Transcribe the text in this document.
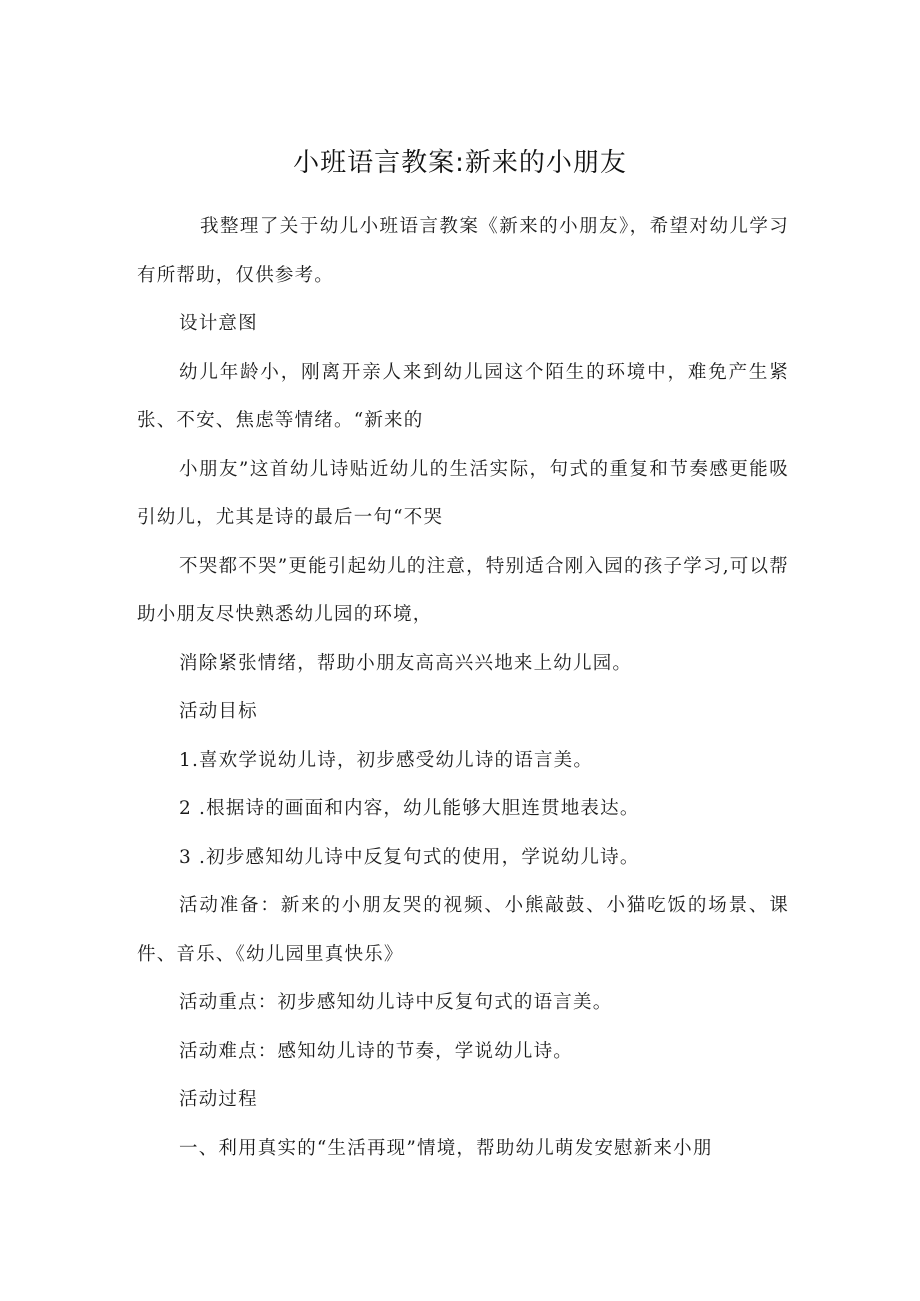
小班语言教案:新来的小朋友

我整理了关于幼儿小班语言教案《新来的小朋友》，希望对幼儿学习有所帮助，仅供参考。

设计意图

幼儿年龄小，刚离开亲人来到幼儿园这个陌生的环境中，难免产生紧张、不安、焦虑等情绪。“新来的

小朋友”这首幼儿诗贴近幼儿的生活实际，句式的重复和节奏感更能吸引幼儿，尤其是诗的最后一句“不哭

不哭都不哭”更能引起幼儿的注意，特别适合刚入园的孩子学习,可以帮助小朋友尽快熟悉幼儿园的环境，

消除紧张情绪，帮助小朋友高高兴兴地来上幼儿园。

活动目标

1.喜欢学说幼儿诗，初步感受幼儿诗的语言美。

2 .根据诗的画面和内容，幼儿能够大胆连贯地表达。

3 .初步感知幼儿诗中反复句式的使用，学说幼儿诗。

活动准备：新来的小朋友哭的视频、小熊敲鼓、小猫吃饭的场景、课件、音乐、《幼儿园里真快乐》

活动重点：初步感知幼儿诗中反复句式的语言美。

活动难点：感知幼儿诗的节奏，学说幼儿诗。

活动过程

一、利用真实的“生活再现”情境，帮助幼儿萌发安慰新来小朋
